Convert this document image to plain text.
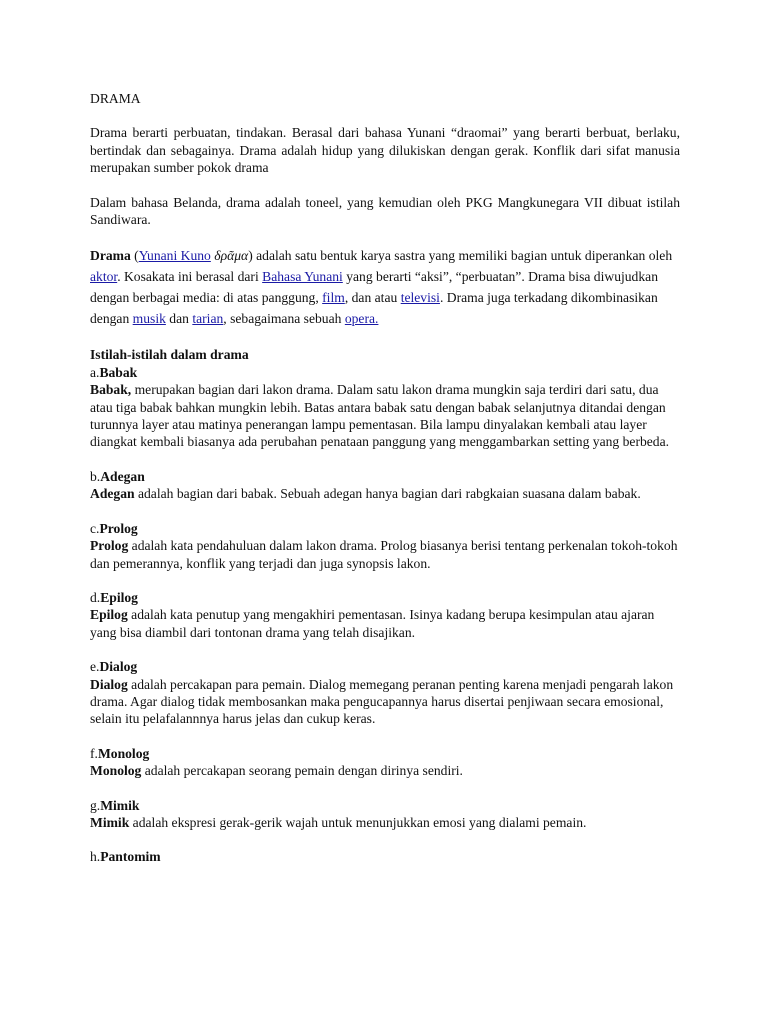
DRAMA

Drama berarti perbuatan, tindakan. Berasal dari bahasa Yunani “draomai” yang berarti berbuat, berlaku, bertindak dan sebagainya. Drama adalah hidup yang dilukiskan dengan gerak. Konflik dari sifat manusia merupakan sumber pokok drama

Dalam bahasa Belanda, drama adalah toneel, yang kemudian oleh PKG Mangkunegara VII dibuat istilah Sandiwara.

Drama (Yunani Kuno δρᾶμα) adalah satu bentuk karya sastra yang memiliki bagian untuk diperankan oleh aktor. Kosakata ini berasal dari Bahasa Yunani yang berarti “aksi”, “perbuatan”. Drama bisa diwujudkan dengan berbagai media: di atas panggung, film, dan atau televisi. Drama juga terkadang dikombinasikan dengan musik dan tarian, sebagaimana sebuah opera.

Istilah-istilah dalam drama

a.Babak

Babak, merupakan bagian dari lakon drama. Dalam satu lakon drama mungkin saja terdiri dari satu, dua atau tiga babak bahkan mungkin lebih. Batas antara babak satu dengan babak selanjutnya ditandai dengan turunnya layer atau matinya penerangan lampu pementasan. Bila lampu dinyalakan kembali atau layer diangkat kembali biasanya ada perubahan penataan panggung yang menggambarkan setting yang berbeda.

b.Adegan

Adegan adalah bagian dari babak. Sebuah adegan hanya bagian dari rabgkaian suasana dalam babak.

c.Prolog

Prolog adalah kata pendahuluan dalam lakon drama. Prolog biasanya berisi tentang perkenalan tokoh-tokoh dan pemerannya, konflik yang terjadi dan juga synopsis lakon.

d.Epilog

Epilog adalah kata penutup yang mengakhiri pementasan. Isinya kadang berupa kesimpulan atau ajaran yang bisa diambil dari tontonan drama yang telah disajikan.

e.Dialog

Dialog adalah percakapan para pemain. Dialog memegang peranan penting karena menjadi pengarah lakon drama. Agar dialog tidak membosankan maka pengucapannya harus disertai penjiwaan secara emosional, selain itu pelafalannnya harus jelas dan cukup keras.

f.Monolog

Monolog adalah percakapan seorang pemain dengan dirinya sendiri.

g.Mimik

Mimik adalah ekspresi gerak-gerik wajah untuk menunjukkan emosi yang dialami pemain.

h.Pantomim
